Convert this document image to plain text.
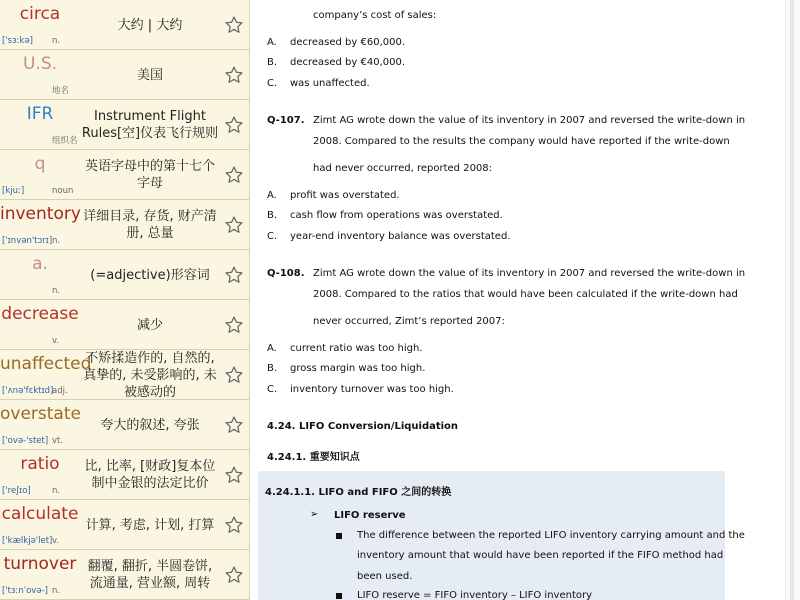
circa
['sɜːkə] n.
大约 | 大约
U.S.
地名
美国
IFR
组织名
Instrument Flight Rules[空]仪表飞行规则
q
[kjuː]	noun
英语字母中的第十七个字母
inventory
['ɪnvən'tɔrɪ] n.
详细目录, 存货, 财产清册, 总量
a.
n.
(=adjective)形容词
decrease
v.
减少
unaffected
['ʌnə'fɛktɪd]
adj.
不矫揉造作的, 自然的, 真挚的, 未受影响的, 未被感动的
overstate
['ovə-'stet] vt.
夸大的叙述, 夸张
ratio
['reʃɪo]	n.
比, 比率, [财政]复本位制中金银的法定比价
calculate
['kælkjə'let] v.
计算, 考虑, 计划, 打算
turnover
['tɜːnˈovə-] n.
翻覆, 翻折, 半圆卷饼, 流通量, 营业额, 周转
company’s cost of sales:
A. decreased by €60,000.
B. decreased by €40,000.
C. was unaffected.
Q-107. Zimt AG wrote down the value of its inventory in 2007 and reversed the write-down in
2008. Compared to the results the company would have reported if the write-down
had never occurred, reported 2008:
A. profit was overstated.
B. cash flow from operations was overstated.
C. year-end inventory balance was overstated.
Q-108. Zimt AG wrote down the value of its inventory in 2007 and reversed the write-down in
2008. Compared to the ratios that would have been calculated if the write-down had
never occurred, Zimt’s reported 2007:
A. current ratio was too high.
B. gross margin was too high.
C. inventory turnover was too high.
4.24. LIFO Conversion/Liquidation
4.24.1. 重要知识点
4.24.1.1. LIFO and FIFO 之间的转换
➢ LIFO reserve
The difference between the reported LIFO inventory carrying amount and the
inventory amount that would have been reported if the FIFO method had
been used.
LIFO reserve = FIFO inventory – LIFO inventory
